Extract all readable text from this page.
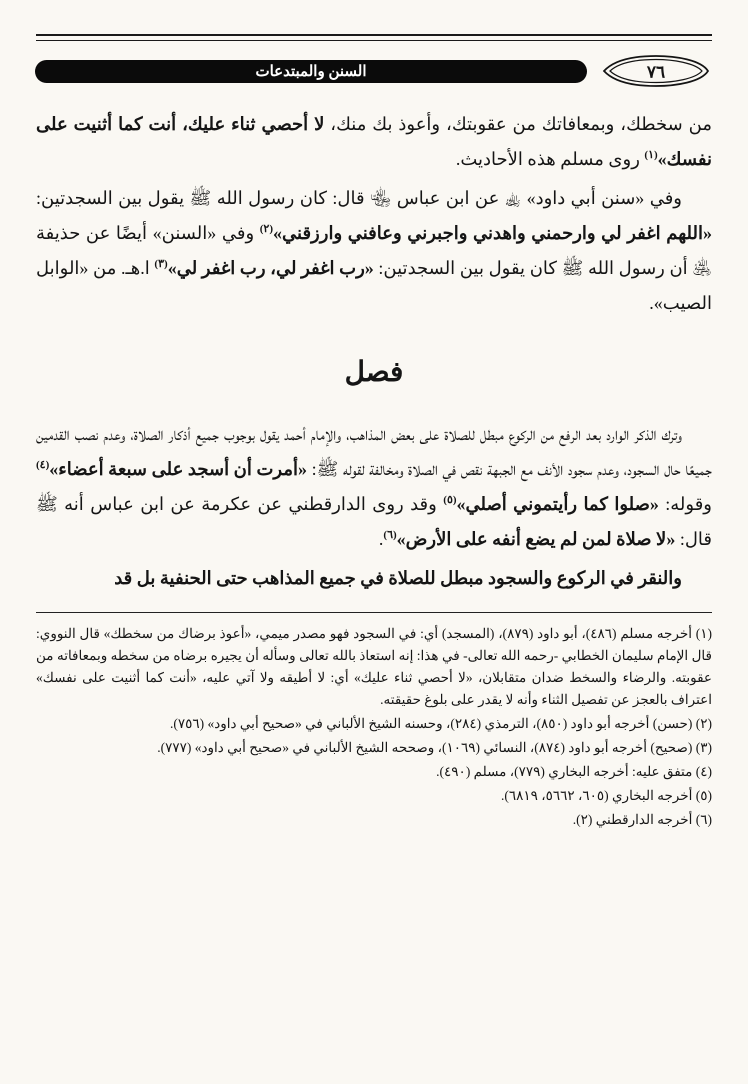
٧٦
السنن والمبتدعات

من سخطك، وبمعافاتك من عقوبتك، وأعوذ بك منك، لا أحصي ثناء عليك، أنت كما أثنيت على نفسك»$^{(١)}$ روى مسلم هذه الأحاديث.

وفي «سنن أبي داود» ﵀ عن ابن عباس ﵄ قال: كان رسول الله ﷺ يقول بين السجدتين: «اللهم اغفر لي وارحمني واهدني واجبرني وعافني وارزقني»$^{(٢)}$ وفي «السنن» أيضًا عن حذيفة ﵁ أن رسول الله ﷺ كان يقول بين السجدتين: «رب اغفر لي، رب اغفر لي»$^{(٣)}$ ا.هـ. من «الوابل الصيب».

فصل

وترك الذكر الوارد بعد الرفع من الركوع مبطل للصلاة على بعض المذاهب، والإمام أحمد يقول بوجوب جميع أذكار الصلاة، وعدم نصب القدمين جميعًا حال السجود، وعدم سجود الأنف مع الجبهة نقص في الصلاة ومخالفة لقوله ﷺ: «أمرت أن أسجد على سبعة أعضاء»$^{(٤)}$ وقوله: «صلوا كما رأيتموني أصلي»$^{(٥)}$ وقد روى الدارقطني عن عكرمة عن ابن عباس أنه ﷺ قال: «لا صلاة لمن لم يضع أنفه على الأرض»$^{(٦)}$.

والنقر في الركوع والسجود مبطل للصلاة في جميع المذاهب حتى الحنفية بل قد

(١) أخرجه مسلم (٤٨٦)، أبو داود (٨٧٩)، (المسجد) أي: في السجود فهو مصدر ميمي، «أعوذ برضاك من سخطك» قال النووي: قال الإمام سليمان الخطابي -رحمه الله تعالى- في هذا: إنه استعاذ بالله تعالى وسأله أن يجيره برضاه من سخطه وبمعافاته من عقوبته. والرضاء والسخط ضدان متقابلان، «لا أحصي ثناء عليك» أي: لا أطيقه ولا آتي عليه، «أنت كما أثنيت على نفسك» اعتراف بالعجز عن تفصيل الثناء وأنه لا يقدر على بلوغ حقيقته.

(٢) (حسن) أخرجه أبو داود (٨٥٠)، الترمذي (٢٨٤)، وحسنه الشيخ الألباني في «صحيح أبي داود» (٧٥٦).

(٣) (صحيح) أخرجه أبو داود (٨٧٤)، النسائي (١٠٦٩)، وصححه الشيخ الألباني في «صحيح أبي داود» (٧٧٧).

(٤) متفق عليه: أخرجه البخاري (٧٧٩)، مسلم (٤٩٠).

(٥) أخرجه البخاري (٦٠٥، ٥٦٦٢، ٦٨١٩).

(٦) أخرجه الدارقطني (٢).
